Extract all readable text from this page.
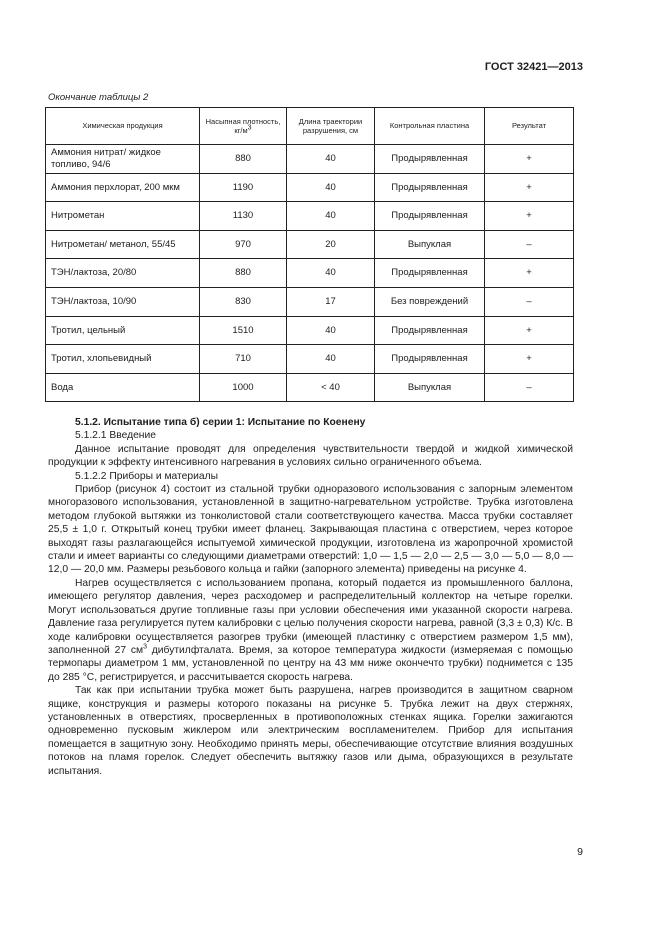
ГОСТ 32421—2013
Окончание таблицы 2
Химическая продукция	Насыпная плотность, $кг/м^3$	Длина траектории разрушения, см	Контрольная пластина	Результат
Аммония нитрат/ жидкое топливо, 94/6	880	40	Продырявленная	+
Аммония перхлорат, 200 мкм	1190	40	Продырявленная	+
Нитрометан	1130	40	Продырявленная	+
Нитрометан/ метанол, 55/45	970	20	Выпуклая	–
ТЭН/лактоза, 20/80	880	40	Продырявленная	+
ТЭН/лактоза, 10/90	830	17	Без повреждений	–
Тротил, цельный	1510	40	Продырявленная	+
Тротил, хлопьевидный	710	40	Продырявленная	+
Вода	1000	< 40	Выпуклая	–

5.1.2. Испытание типа б) серии 1: Испытание по Коенену

5.1.2.1 Введение

Данное испытание проводят для определения чувствительности твердой и жидкой химической продукции к эффекту интенсивного нагревания в условиях сильно ограниченного объема.

5.1.2.2 Приборы и материалы

Прибор (рисунок 4) состоит из стальной трубки одноразового использования с запорным элементом многоразового использования, установленной в защитно-нагревательном устройстве. Трубка изготовлена методом глубокой вытяжки из тонколистовой стали соответствующего качества. Масса трубки составляет 25,5 ± 1,0 г. Открытый конец трубки имеет фланец. Закрывающая пластина с отверстием, через которое выходят газы разлагающейся испытуемой химической продукции, изготовлена из жаропрочной хромистой стали и имеет варианты со следующими диаметрами отверстий: 1,0 — 1,5 — 2,0 — 2,5 — 3,0 — 5,0 — 8,0 — 12,0 — 20,0 мм. Размеры резьбового кольца и гайки (запорного элемента) приведены на рисунке 4.

Нагрев осуществляется с использованием пропана, который подается из промышленного баллона, имеющего регулятор давления, через расходомер и распределительный коллектор на четыре горелки. Могут использоваться другие топливные газы при условии обеспечения ими указанной скорости нагрева. Давление газа регулируется путем калибровки с целью получения скорости нагрева, равной (3,3 ± 0,3) К/с. В ходе калибровки осуществляется разогрев трубки (имеющей пластинку с отверстием размером 1,5 мм), заполненной 27 $см^3$ дибутилфталата. Время, за которое температура жидкости (измеряемая с помощью термопары диаметром 1 мм, установленной по центру на 43 мм ниже окончечто трубки) поднимется с 135 до 285 °С, регистрируется, и рассчитывается скорость нагрева.

Так как при испытании трубка может быть разрушена, нагрев производится в защитном сварном ящике, конструкция и размеры которого показаны на рисунке 5. Трубка лежит на двух стержнях, установленных в отверстиях, просверленных в противоположных стенках ящика. Горелки зажигаются одновременно пусковым жиклером или электрическим воспламенителем. Прибор для испытания помещается в защитную зону. Необходимо принять меры, обеспечивающие отсутствие влияния воздушных потоков на пламя горелок. Следует обеспечить вытяжку газов или дыма, образующихся в результате испытания.

9
